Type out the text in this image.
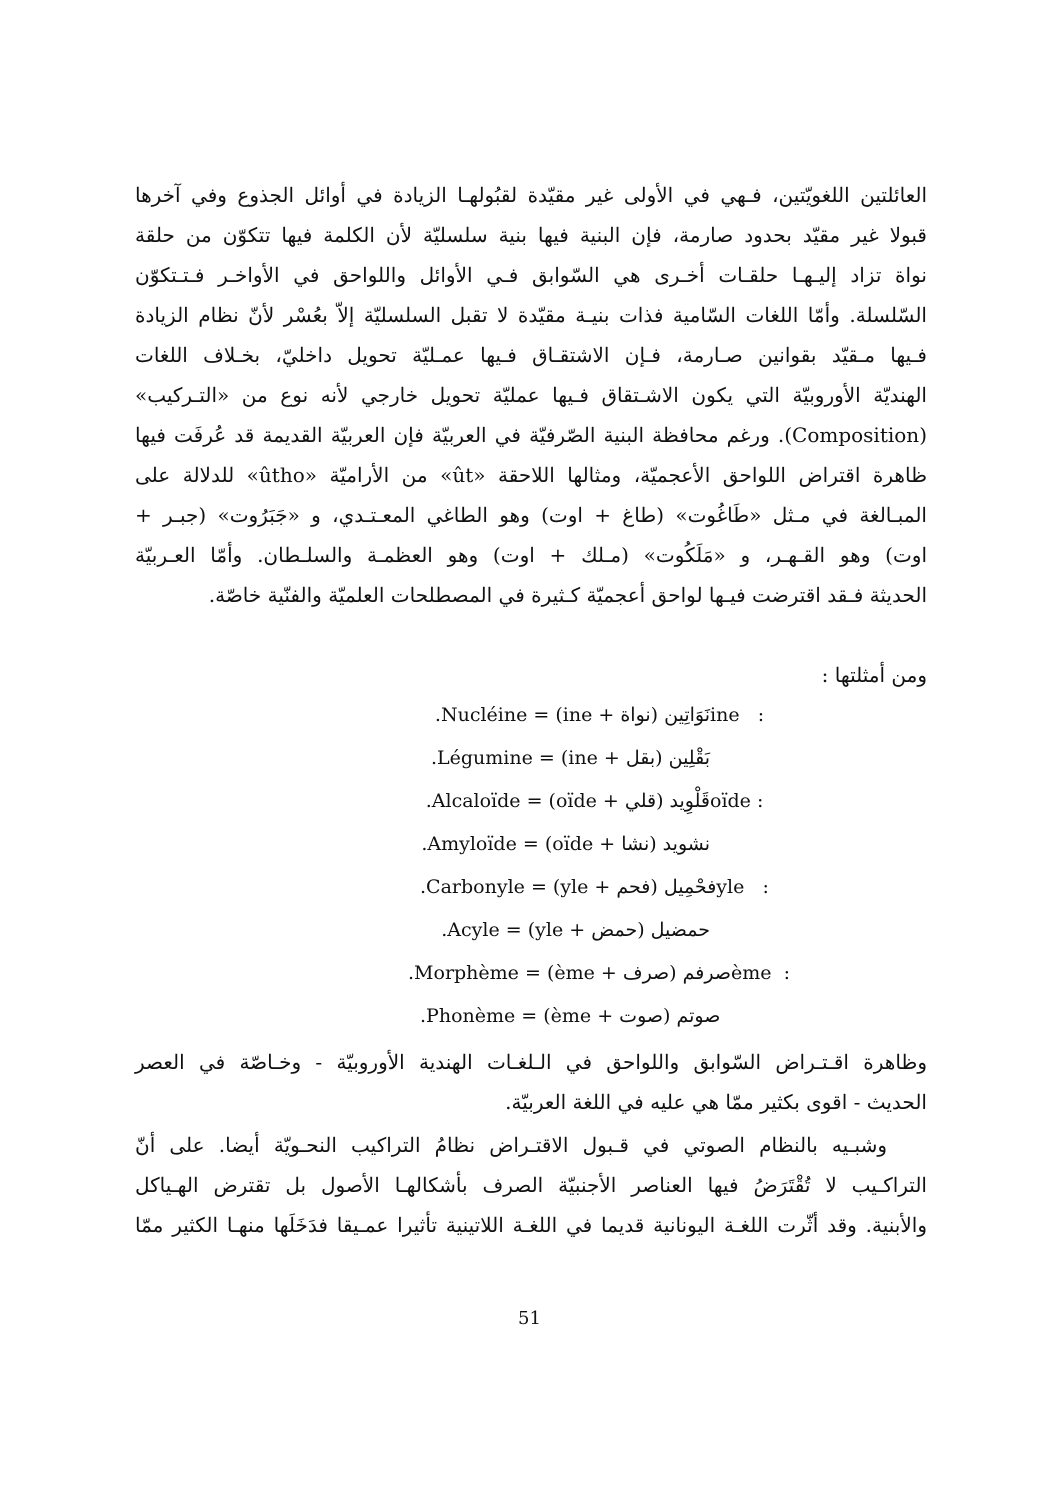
العائلتين اللغويّتين، فـهي في الأولى غير مقيّدة لقبُولهـا الزيادة في أوائل الجذوع وفي آخرها
قبولا غير مقيّد بحدود صارمة، فإن البنية فيها بنية سلسليّة لأن الكلمة فيها تتكوّن من حلقة
نواة تزاد إليـهـا حلقـات أخـرى هي السّوابق فـي الأوائل واللواحق في الأواخـر فـتـتكوّن
السّلسلة. وأمّا اللغات السّامية فذات بنيـة مقيّدة لا تقبل السلسليّة إلاّ بعُسْر لأنّ نظام الزيادة
فـيها مـقيّد بقوانين صـارمة، فـإن الاشتقـاق فـيها عمـليّة تحويل داخليّ، بخـلاف اللغات
الهنديّة الأوروبيّة التي يكون الاشـتقاق فـيها عمليّة تحويل خارجي لأنه نوع من «التـركيب»
(Composition). ورغم محافظة البنية الصّرفيّة في العربيّة فإن العربيّة القديمة قد عُرفَت فيها
ظاهرة اقتراض اللواحق الأعجميّة، ومثالها اللاحقة «ût» من الأراميّة «ûtho» للدلالة على
المبـالغة في مـثل «طَاغُوت» (طاغ + اوت) وهو الطاغي المعـتـدي، و «جَبَرُوت» (جبـر +
اوت) وهو القـهـر، و «مَلَكُوت» (مـلك + اوت) وهو العظمـة والسلـطان. وأمّا العـربيّة
الحديثة فـقد اقترضت فيـها لواحق أعجميّة كـثيرة في المصطلحات العلميّة والفنّية خاصّة.
ومن أمثلتها :
ine :
نَوَاتِين (نواة + ine) = Nucléine.
بَقْلِين (بقل + ine) = Légumine.
oïde :
قَلْوِيد (قلي + oïde) = Alcaloïde.
نشويد (نشا + oïde) = Amyloïde.
yle :
فحْمِيل (فحم + yle) = Carbonyle.
حمضيل (حمض + yle) = Acyle.
ème :
صرفم (صرف + ème) = Morphème.
صوتم (صوت + ème) = Phonème.
وظاهرة اقـتـراض السّوابق واللواحق في الـلغـات الهندية الأوروبيّة - وخـاصّة في العصر
الحديث - اقوى بكثير ممّا هي عليه في اللغة العربيّة.
وشبـيه بالنظام الصوتي في قـبول الاقتـراض نظامُ التراكيب النحـويّة أيضا. على أنّ
التراكـيب لا تُقْتَرَضُ فيها العناصر الأجنبيّة الصرف بأشكالهـا الأصول بل تقترض الهـياكل
والأبنية. وقد أثّرت اللغـة اليونانية قديما في اللغـة اللاتينية تأثيرا عمـيقا فدَخَلَها منهـا الكثير ممّا
51
